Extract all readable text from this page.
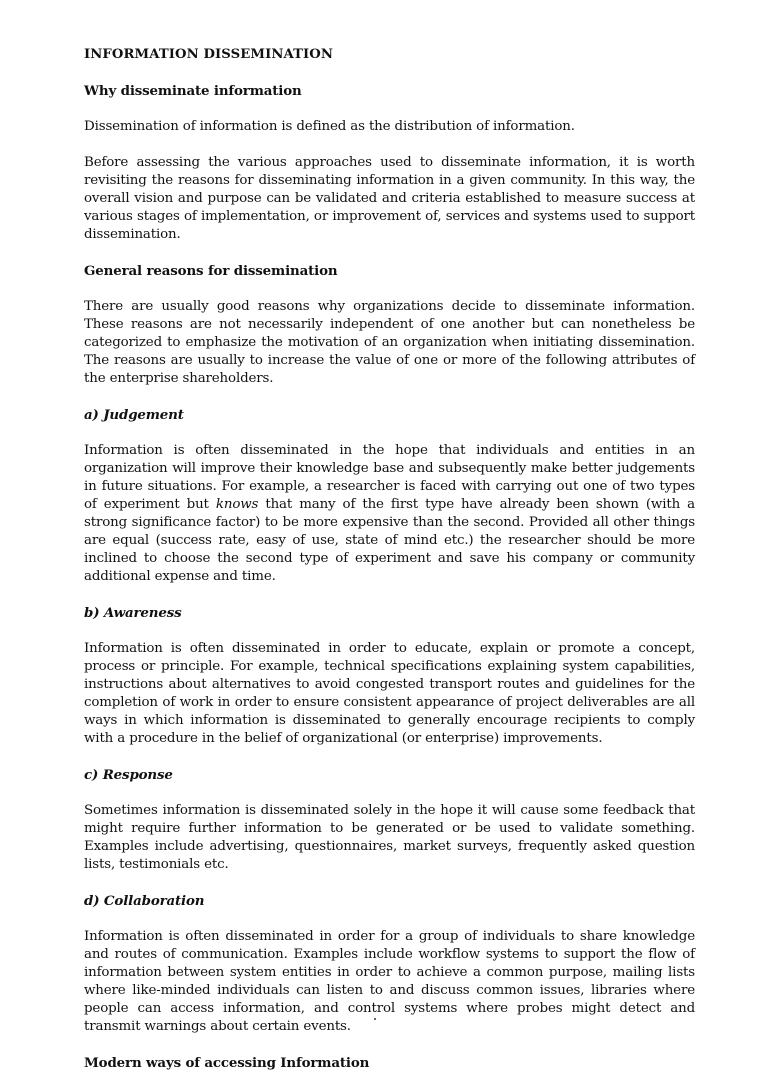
INFORMATION DISSEMINATION
Why disseminate information

Dissemination of information is defined as the distribution of information.

Before assessing the various approaches used to disseminate information, it is worth revisiting the reasons for disseminating information in a given community. In this way, the overall vision and purpose can be validated and criteria established to measure success at various stages of implementation, or improvement of, services and systems used to support dissemination.

General reasons for dissemination

There are usually good reasons why organizations decide to disseminate information. These reasons are not necessarily independent of one another but can nonetheless be categorized to emphasize the motivation of an organization when initiating dissemination. The reasons are usually to increase the value of one or more of the following attributes of the enterprise shareholders.

a) Judgement

Information is often disseminated in the hope that individuals and entities in an organization will improve their knowledge base and subsequently make better judgements in future situations. For example, a researcher is faced with carrying out one of two types of experiment but knows that many of the first type have already been shown (with a strong significance factor) to be more expensive than the second. Provided all other things are equal (success rate, easy of use, state of mind etc.) the researcher should be more inclined to choose the second type of experiment and save his company or community additional expense and time.

b) Awareness

Information is often disseminated in order to educate, explain or promote a concept, process or principle. For example, technical specifications explaining system capabilities, instructions about alternatives to avoid congested transport routes and guidelines for the completion of work in order to ensure consistent appearance of project deliverables are all ways in which information is disseminated to generally encourage recipients to comply with a procedure in the belief of organizational (or enterprise) improvements.

c) Response

Sometimes information is disseminated solely in the hope it will cause some feedback that might require further information to be generated or be used to validate something. Examples include advertising, questionnaires, market surveys, frequently asked question lists, testimonials etc.

d) Collaboration

Information is often disseminated in order for a group of individuals to share knowledge and routes of communication. Examples include workflow systems to support the flow of information between system entities in order to achieve a common purpose, mailing lists where like-minded individuals can listen to and discuss common issues, libraries where people can access information, and control systems where probes might detect and transmit warnings about certain events.

Modern ways of accessing Information
